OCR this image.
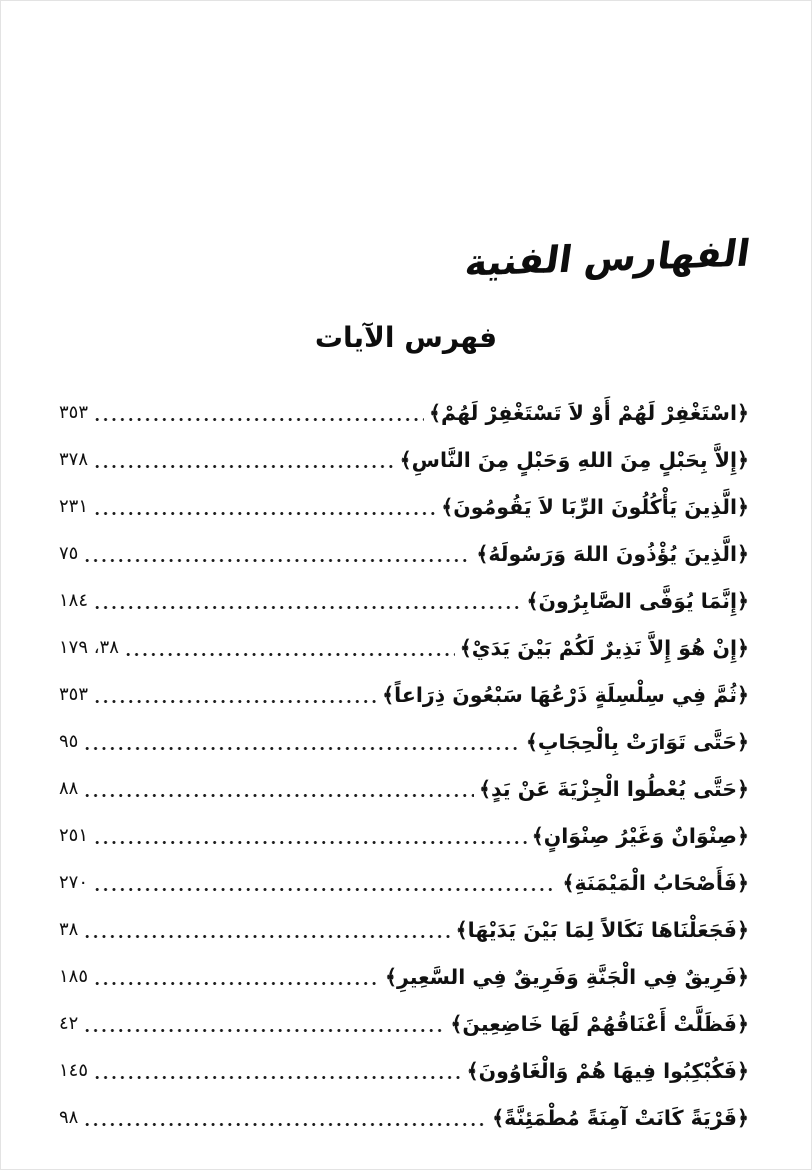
الفهارس الفنية
فهرس الآيات
﴿اسْتَغْفِرْ لَهُمْ أَوْ لاَ تَسْتَغْفِرْ لَهُمْ﴾
٣٥٣
﴿إِلاَّ بِحَبْلٍ مِنَ اللهِ وَحَبْلٍ مِنَ النَّاسِ﴾
٣٧٨
﴿الَّذِينَ يَأْكُلُونَ الرِّبَا لاَ يَقُومُونَ﴾
٢٣١
﴿الَّذِينَ يُؤْذُونَ اللهَ وَرَسُولَهُ﴾
٧٥
﴿إِنَّمَا يُوَفَّى الصَّابِرُونَ﴾
١٨٤
﴿إِنْ هُوَ إِلاَّ نَذِيرٌ لَكُمْ بَيْنَ يَدَيْ﴾
٣٨، ١٧٩
﴿ثُمَّ فِي سِلْسِلَةٍ ذَرْعُهَا سَبْعُونَ ذِرَاعاً﴾
٣٥٣
﴿حَتَّى تَوَارَتْ بِالْحِجَابِ﴾
٩٥
﴿حَتَّى يُعْطُوا الْجِزْيَةَ عَنْ يَدٍ﴾
٨٨
﴿صِنْوَانٌ وَغَيْرُ صِنْوَانٍ﴾
٢٥١
﴿فَأَصْحَابُ الْمَيْمَنَةِ﴾
٢٧٠
﴿فَجَعَلْنَاهَا نَكَالاً لِمَا بَيْنَ يَدَيْهَا﴾
٣٨
﴿فَرِيقٌ فِي الْجَنَّةِ وَفَرِيقٌ فِي السَّعِيرِ﴾
١٨٥
﴿فَظَلَّتْ أَعْنَاقُهُمْ لَهَا خَاضِعِينَ﴾
٤٢
﴿فَكُبْكِبُوا فِيهَا هُمْ وَالْغَاوُونَ﴾
١٤٥
﴿قَرْيَةً كَانَتْ آمِنَةً مُطْمَئِنَّةً﴾
٩٨
